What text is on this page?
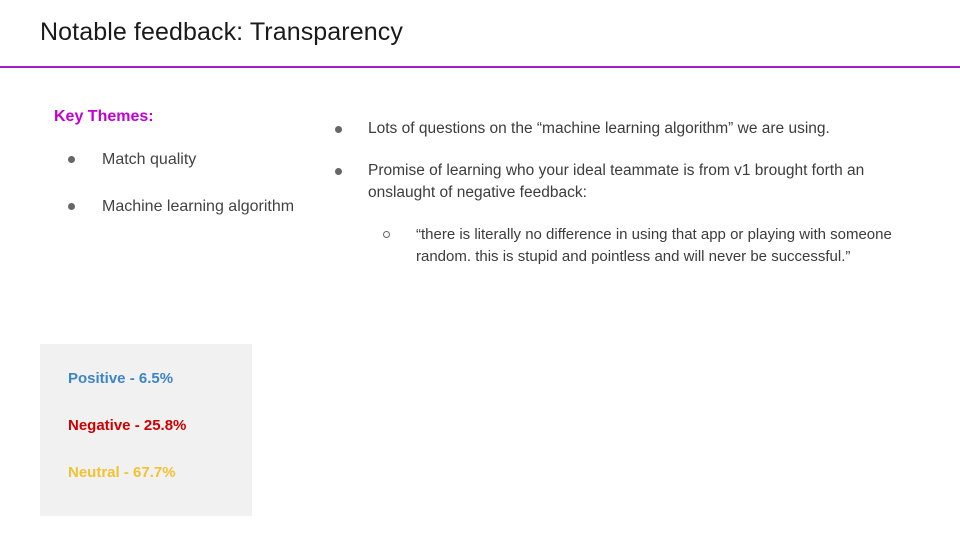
Notable feedback: Transparency
Key Themes:
Match quality
Machine learning algorithm
Positive - 6.5%
Negative - 25.8%
Neutral - 67.7%
Lots of questions on the “machine learning algorithm” we are using.
Promise of learning who your ideal teammate is from v1 brought forth an onslaught of negative feedback:
“there is literally no difference in using that app or playing with someone random. this is stupid and pointless and will never be successful.”
